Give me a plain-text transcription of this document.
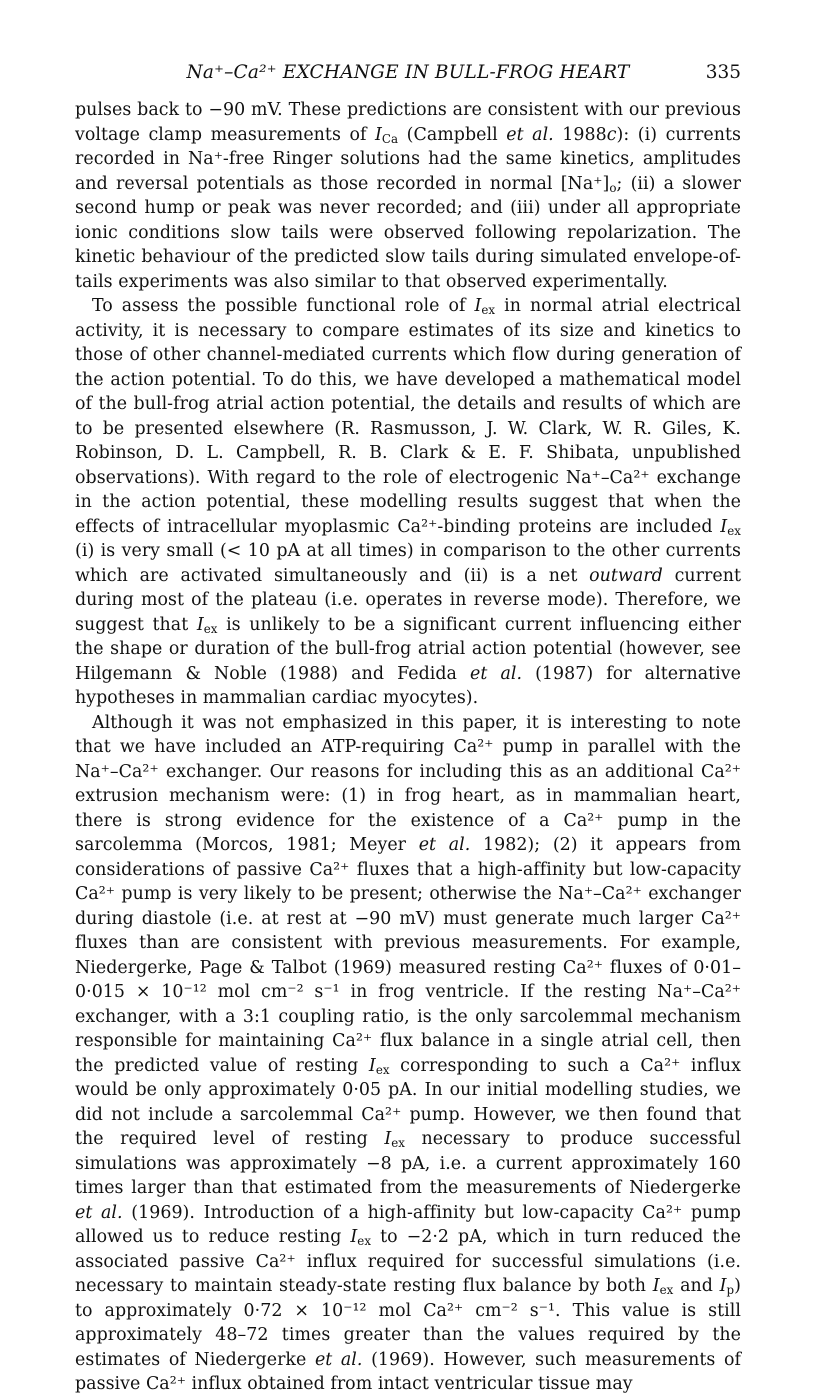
Na⁺–Ca²⁺ EXCHANGE IN BULL-FROG HEART	335

pulses back to −90 mV. These predictions are consistent with our previous voltage clamp measurements of $I_{Ca}$ (Campbell et al. 1988c): (i) currents recorded in Na⁺-free Ringer solutions had the same kinetics, amplitudes and reversal potentials as those recorded in normal $[Na^+]_o$; (ii) a slower second hump or peak was never recorded; and (iii) under all appropriate ionic conditions slow tails were observed following repolarization. The kinetic behaviour of the predicted slow tails during simulated envelope-of-tails experiments was also similar to that observed experimentally.

To assess the possible functional role of $I_{ex}$ in normal atrial electrical activity, it is necessary to compare estimates of its size and kinetics to those of other channel-mediated currents which flow during generation of the action potential. To do this, we have developed a mathematical model of the bull-frog atrial action potential, the details and results of which are to be presented elsewhere (R. Rasmusson, J. W. Clark, W. R. Giles, K. Robinson, D. L. Campbell, R. B. Clark & E. F. Shibata, unpublished observations). With regard to the role of electrogenic Na⁺–Ca²⁺ exchange in the action potential, these modelling results suggest that when the effects of intracellular myoplasmic Ca²⁺-binding proteins are included $I_{ex}$ (i) is very small (< 10 pA at all times) in comparison to the other currents which are activated simultaneously and (ii) is a net outward current during most of the plateau (i.e. operates in reverse mode). Therefore, we suggest that $I_{ex}$ is unlikely to be a significant current influencing either the shape or duration of the bull-frog atrial action potential (however, see Hilgemann & Noble (1988) and Fedida et al. (1987) for alternative hypotheses in mammalian cardiac myocytes).

Although it was not emphasized in this paper, it is interesting to note that we have included an ATP-requiring Ca²⁺ pump in parallel with the Na⁺–Ca²⁺ exchanger. Our reasons for including this as an additional Ca²⁺ extrusion mechanism were: (1) in frog heart, as in mammalian heart, there is strong evidence for the existence of a Ca²⁺ pump in the sarcolemma (Morcos, 1981; Meyer et al. 1982); (2) it appears from considerations of passive Ca²⁺ fluxes that a high-affinity but low-capacity Ca²⁺ pump is very likely to be present; otherwise the Na⁺–Ca²⁺ exchanger during diastole (i.e. at rest at −90 mV) must generate much larger Ca²⁺ fluxes than are consistent with previous measurements. For example, Niedergerke, Page & Talbot (1969) measured resting Ca²⁺ fluxes of 0·01–0·015 × 10⁻¹² mol cm⁻² s⁻¹ in frog ventricle. If the resting Na⁺–Ca²⁺ exchanger, with a 3:1 coupling ratio, is the only sarcolemmal mechanism responsible for maintaining Ca²⁺ flux balance in a single atrial cell, then the predicted value of resting $I_{ex}$ corresponding to such a Ca²⁺ influx would be only approximately 0·05 pA. In our initial modelling studies, we did not include a sarcolemmal Ca²⁺ pump. However, we then found that the required level of resting $I_{ex}$ necessary to produce successful simulations was approximately −8 pA, i.e. a current approximately 160 times larger than that estimated from the measurements of Niedergerke et al. (1969). Introduction of a high-affinity but low-capacity Ca²⁺ pump allowed us to reduce resting $I_{ex}$ to −2·2 pA, which in turn reduced the associated passive Ca²⁺ influx required for successful simulations (i.e. necessary to maintain steady-state resting flux balance by both $I_{ex}$ and $I_p$) to approximately 0·72 × 10⁻¹² mol Ca²⁺ cm⁻² s⁻¹. This value is still approximately 48–72 times greater than the values required by the estimates of Niedergerke et al. (1969). However, such measurements of passive Ca²⁺ influx obtained from intact ventricular tissue may
